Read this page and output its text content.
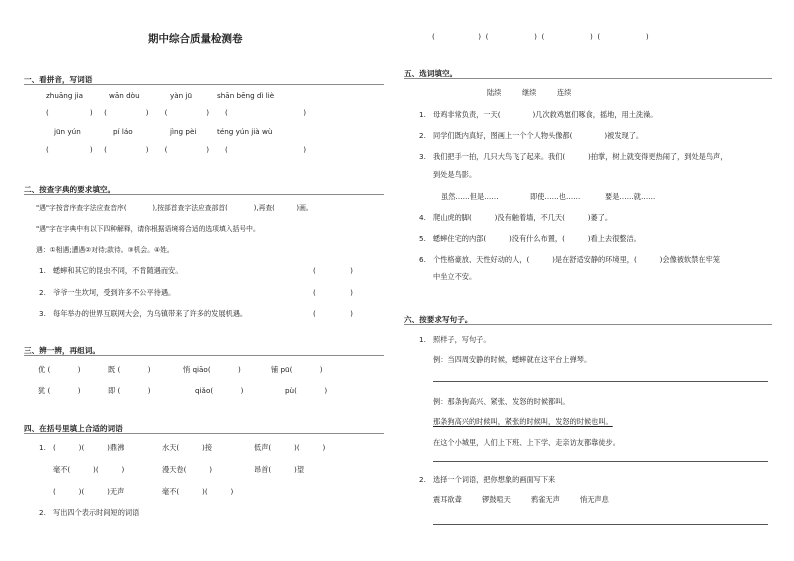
期中综合质量检测卷	(                   )  (                    )  (                    )  (                    )
一、看拼音，写词语
zhuāng jia	wān dòu	yàn jū	shān bēng dì liè
(                  )     (                 )       (                 )       (                                 )
jūn yún	pí láo	jìng pèi	téng yún jià wù
(                  )     (                 )       (                 )       (                                 )
二、按查字典的要求填空。
"遇"字按音序查字法应查音序(            ),按部首查字法应查部首(            ),再查(          )画。
"遇"字在字典中有以下四种解释，请你根据语境将合适的选项填入括号中。
遇：①相遇;遭遇②对待;款待。③机会。④姓。
1. 蟋蟀和其它的昆虫不同，不肯随遇而安。	(               )
2. 爷爷一生坎坷，受到许多不公平待遇。	(               )
3. 每年举办的世界互联网大会，为乌镇带来了许多的发展机遇。	(               )
三、辨一辨，再组词。
优 (            )	既 (            )	悄 qiāo(            )	铺 pū(            )
犹 (            )	即 (            )	qiǎo(            )	pù(            )
四、在括号里填上合适的词语
1. (          )(          )鼎沸	水天(          )接	低声(          )(          )
毫不(          )(          )	漫天卷(          )	昂首(          )望
(          )(          )无声	毫不(          )(          )
2. 写出四个表示时间短的词语
五、选词填空。
陆续	继续	连续
1. 母鸡非常负责，一天(              )几次救鸡崽们啄食，摇地，用土洗澡。
2. 同学们既内真好，图画上一个个人物头像都(              )被发现了。
3. 我们把手一拍，几只大鸟飞了起来。我们(          )拍掌，树上就变得更热闹了，到处是鸟声，
到处是鸟影。
虽然……但是……	即使……也……	要是……就……
4. 爬山虎的脚(          )没有触着墙，不几天(          )萎了。
5. 蟋蟀住宅的内部(          )没有什么布置，(          )看上去很整洁。
6. 个性格豪放、天性好动的人，(          )是在舒适安静的环境里，(          )会像被软禁在牢笼
中坐立不安。
六、按要求写句子。
1. 照样子，写句子。
例：当四周安静的时候，蟋蟀就在这平台上弹琴。
例：那条狗高兴、紧张、发怒的时候都叫。
那条狗高兴的时候叫，紧张的时候叫，发怒的时候也叫。
在这个小城里，人们上下班、上下学、走亲访友都靠徒步。
2. 选择一个词语，把你想象的画面写下来
震耳欲聋	锣鼓喧天	鸦雀无声	悄无声息
